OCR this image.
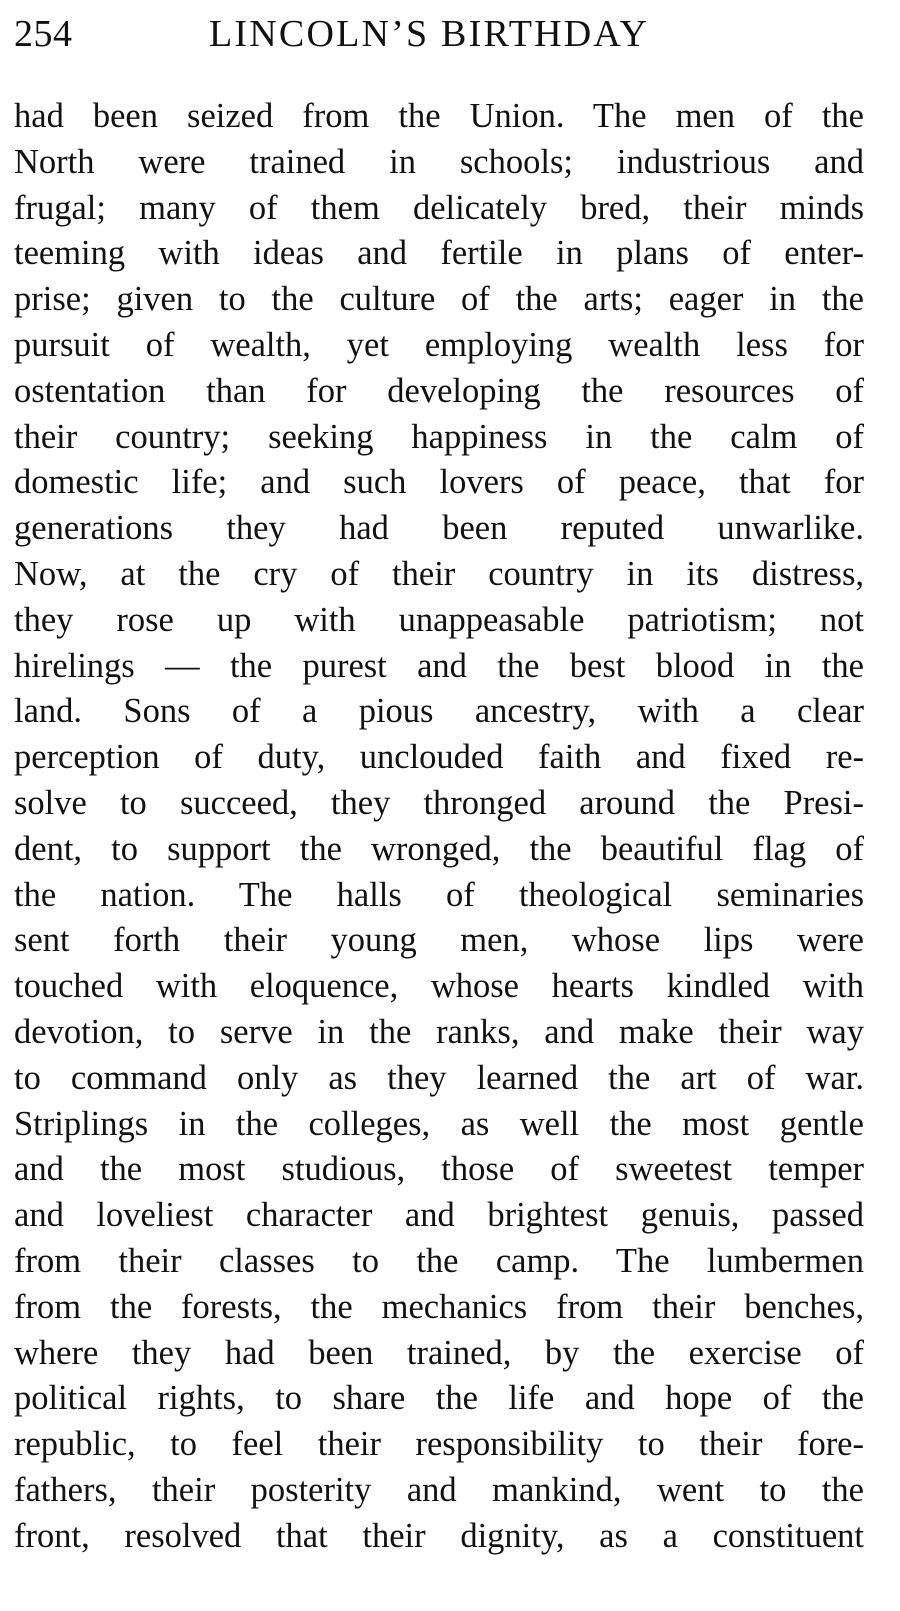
254	LINCOLN’S BIRTHDAY
had been seized from the Union. The men of the
North were trained in schools; industrious and
frugal; many of them delicately bred, their minds
teeming with ideas and fertile in plans of enter-
prise; given to the culture of the arts; eager in the
pursuit of wealth, yet employing wealth less for
ostentation than for developing the resources of
their country; seeking happiness in the calm of
domestic life; and such lovers of peace, that for
generations they had been reputed unwarlike.
Now, at the cry of their country in its distress,
they rose up with unappeasable patriotism; not
hirelings — the purest and the best blood in the
land. Sons of a pious ancestry, with a clear
perception of duty, unclouded faith and fixed re-
solve to succeed, they thronged around the Presi-
dent, to support the wronged, the beautiful flag of
the nation. The halls of theological seminaries
sent forth their young men, whose lips were
touched with eloquence, whose hearts kindled with
devotion, to serve in the ranks, and make their way
to command only as they learned the art of war.
Striplings in the colleges, as well the most gentle
and the most studious, those of sweetest temper
and loveliest character and brightest genuis, passed
from their classes to the camp. The lumbermen
from the forests, the mechanics from their benches,
where they had been trained, by the exercise of
political rights, to share the life and hope of the
republic, to feel their responsibility to their fore-
fathers, their posterity and mankind, went to the
front, resolved that their dignity, as a constituent
